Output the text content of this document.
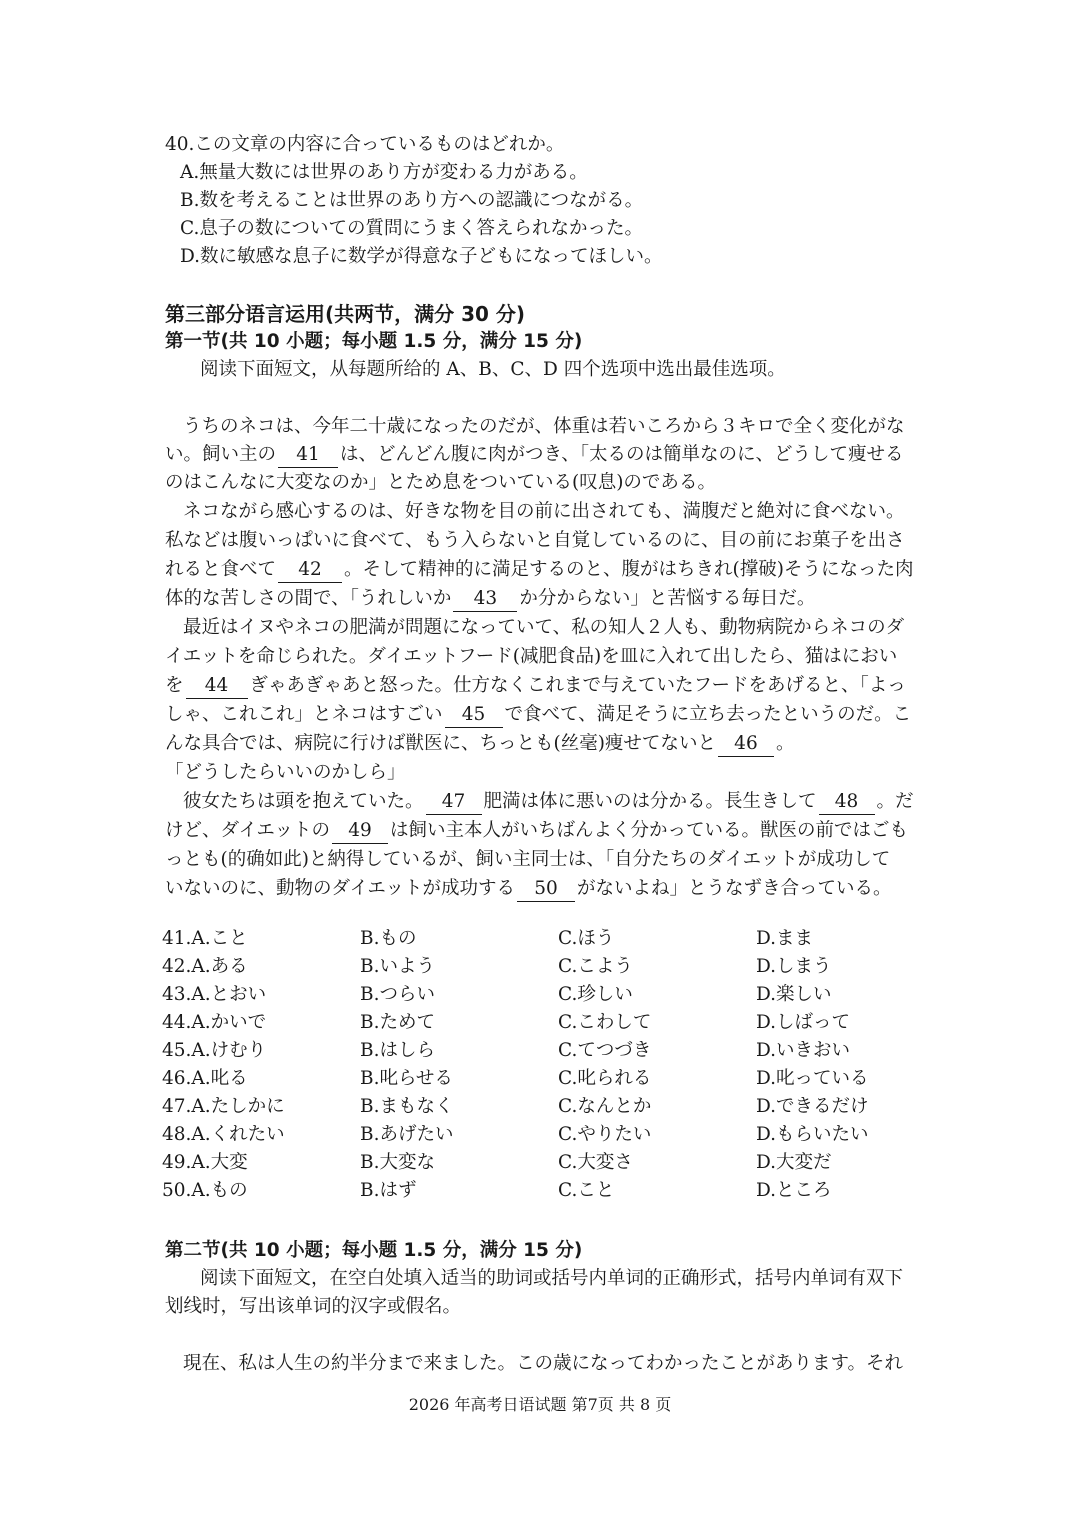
40.この文章の内容に合っているものはどれか。
A.無量大数には世界のあり方が変わる力がある。
B.数を考えることは世界のあり方への認識につながる。
C.息子の数についての質問にうまく答えられなかった。
D.数に敏感な息子に数学が得意な子どもになってほしい。
第三部分语言运用(共两节，满分 30 分)
第一节(共 10 小题；每小题 1.5 分，满分 15 分)
阅读下面短文，从每题所给的 A、B、C、D 四个选项中选出最佳选项。
うちのネコは、今年二十歳になったのだが、体重は若いころから３キロで全く変化がな
い。飼い主の 41 は、どんどん腹に肉がつき、「太るのは簡単なのに、どうして痩せる
のはこんなに大変なのか」とため息をついている(叹息)のである。
ネコながら感心するのは、好きな物を目の前に出されても、満腹だと絶対に食べない。
私などは腹いっぱいに食べて、もう入らないと自覚しているのに、目の前にお菓子を出さ
れると食べて 42 。そして精神的に満足するのと、腹がはちきれ(撑破)そうになった肉
体的な苦しさの間で、「うれしいか 43 か分からない」と苦悩する毎日だ。
最近はイヌやネコの肥満が問題になっていて、私の知人２人も、動物病院からネコのダ
イエットを命じられた。ダイエットフード(减肥食品)を皿に入れて出したら、猫はにおい
を 44 ぎゃあぎゃあと怒った。仕方なくこれまで与えていたフードをあげると、「よっ
しゃ、これこれ」とネコはすごい 45 で食べて、満足そうに立ち去ったというのだ。こ
んな具合では、病院に行けば獣医に、ちっとも(丝毫)痩せてないと 46 。
「どうしたらいいのかしら」
彼女たちは頭を抱えていた。 47 肥満は体に悪いのは分かる。長生きして 48 。だ
けど、ダイエットの 49 は飼い主本人がいちばんよく分かっている。獣医の前ではごも
っとも(的确如此)と納得しているが、飼い主同士は、「自分たちのダイエットが成功して
いないのに、動物のダイエットが成功する 50 がないよね」とうなずき合っている。
41.A.こと	B.もの	C.ほう	D.まま
42.A.ある	B.いよう	C.こよう	D.しまう
43.A.とおい	B.つらい	C.珍しい	D.楽しい
44.A.かいで	B.ためて	C.こわして	D.しばって
45.A.けむり	B.はしら	C.てつづき	D.いきおい
46.A.叱る	B.叱らせる	C.叱られる	D.叱っている
47.A.たしかに	B.まもなく	C.なんとか	D.できるだけ
48.A.くれたい	B.あげたい	C.やりたい	D.もらいたい
49.A.大変	B.大変な	C.大変さ	D.大変だ
50.A.もの	B.はず	C.こと	D.ところ
第二节(共 10 小题；每小题 1.5 分，满分 15 分)
阅读下面短文，在空白处填入适当的助词或括号内单词的正确形式，括号内单词有双下
划线时，写出该单词的汉字或假名。
現在、私は人生の約半分まで来ました。この歳になってわかったことがあります。それ
2026 年高考日语试题 第7页 共 8 页
